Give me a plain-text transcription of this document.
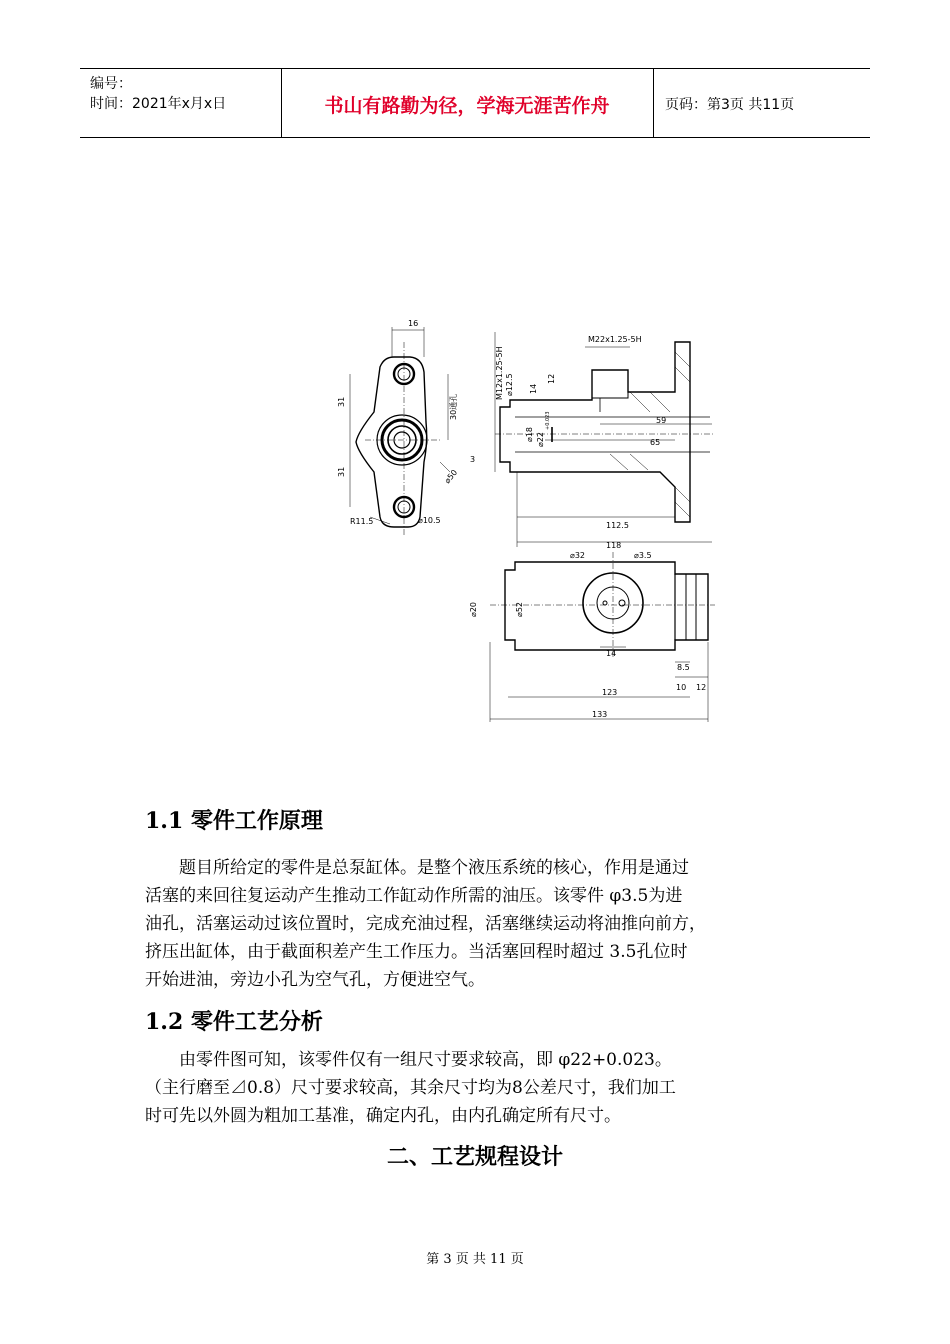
编号：
时间：2021年x月x日	书山有路勤为径，学海无涯苦作舟	页码：第3页 共11页
16
31
31
30通孔
⌀50
R11.5	⌀10.5
M22x1.25-5H
M12x1.25-5H ⌀12.5 14
12
⌀18 ⌀22
+0.023	59
65
3
112.5
118
⌀32	⌀3.5
⌀20	⌀52
14
8.5
123
10 12
133
1.1 零件工作原理
题目所给定的零件是总泵缸体。是整个液压系统的核心，作用是通过
活塞的来回往复运动产生推动工作缸动作所需的油压。该零件 φ3.5为进
油孔，活塞运动过该位置时，完成充油过程，活塞继续运动将油推向前方，
挤压出缸体，由于截面积差产生工作压力。当活塞回程时超过 3.5孔位时
开始进油，旁边小孔为空气孔，方便进空气。
1.2 零件工艺分析
由零件图可知，该零件仅有一组尺寸要求较高，即 φ22+0.023。
（主行磨至⊿0.8）尺寸要求较高，其余尺寸均为8公差尺寸，我们加工
时可先以外圆为粗加工基准，确定内孔，由内孔确定所有尺寸。
二、工艺规程设计
第 3 页 共 11 页
